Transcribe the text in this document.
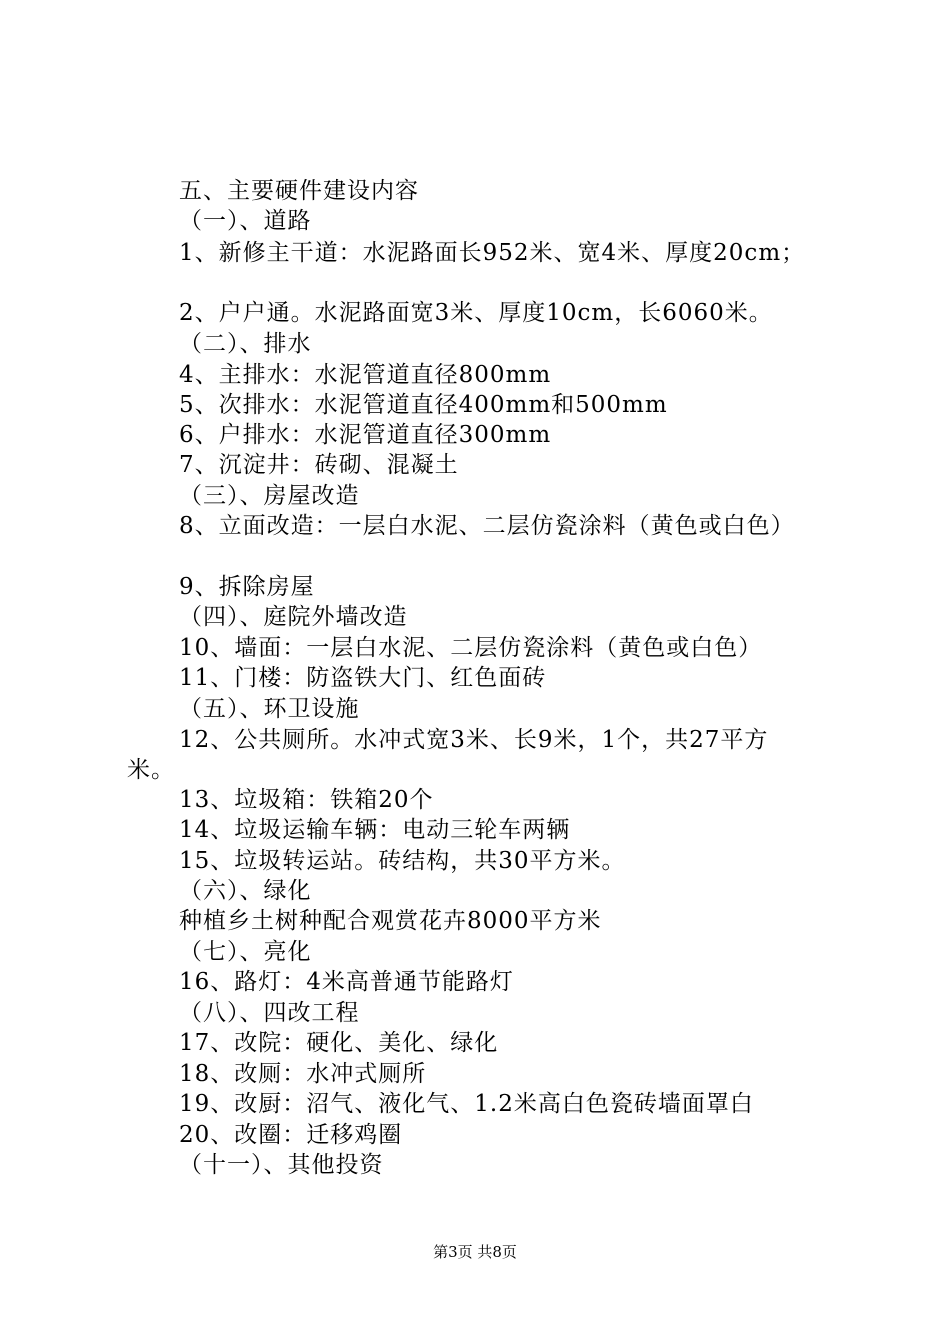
五、主要硬件建设内容
（一）、道路
1、新修主干道：水泥路面长952米、宽4米、厚度20cm；
2、户户通。水泥路面宽3米、厚度10cm，长6060米。
（二）、排水
4、主排水：水泥管道直径800mm
5、次排水：水泥管道直径400mm和500mm
6、户排水：水泥管道直径300mm
7、沉淀井：砖砌、混凝土
（三）、房屋改造
8、立面改造：一层白水泥、二层仿瓷涂料（黄色或白色）
9、拆除房屋
（四）、庭院外墙改造
10、墙面：一层白水泥、二层仿瓷涂料（黄色或白色）
11、门楼：防盗铁大门、红色面砖
（五）、环卫设施
12、公共厕所。水冲式宽3米、长9米，1个，共27平方
米。
13、垃圾箱：铁箱20个
14、垃圾运输车辆：电动三轮车两辆
15、垃圾转运站。砖结构，共30平方米。
（六）、绿化
种植乡土树种配合观赏花卉8000平方米
（七）、亮化
16、路灯：4米高普通节能路灯
（八）、四改工程
17、改院：硬化、美化、绿化
18、改厕：水冲式厕所
19、改厨：沼气、液化气、1.2米高白色瓷砖墙面罩白
20、改圈：迁移鸡圈
（十一）、其他投资
第3页 共8页
